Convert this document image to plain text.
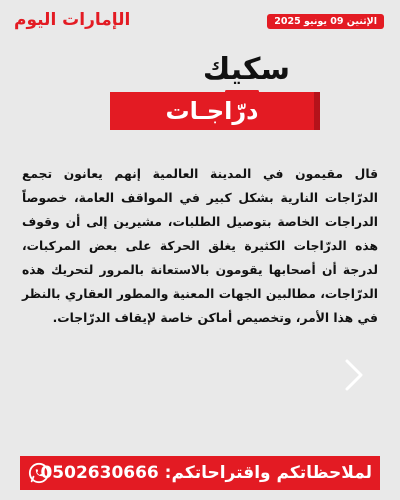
الإمارات اليوم	الإثنين 09 يونيو 2025
سكيك
درّاجـات

قال مقيمون في المدينة العالمية إنهم يعانون تجمع الدرّاجات النارية بشكل كبير في المواقف العامة، خصوصاً الدراجات الخاصة بتوصيل الطلبات، مشيرين إلى أن وقوف هذه الدرّاجات الكثيرة يغلق الحركة على بعض المركبات، لدرجة أن أصحابها يقومون بالاستعانة بالمرور لتحريك هذه الدرّاجات، مطالبين الجهات المعنية والمطور العقاري بالنظر في هذا الأمر، وتخصيص أماكن خاصة لإيقاف الدرّاجات.

لملاحظاتكم واقتراحاتكم: 0502630666
